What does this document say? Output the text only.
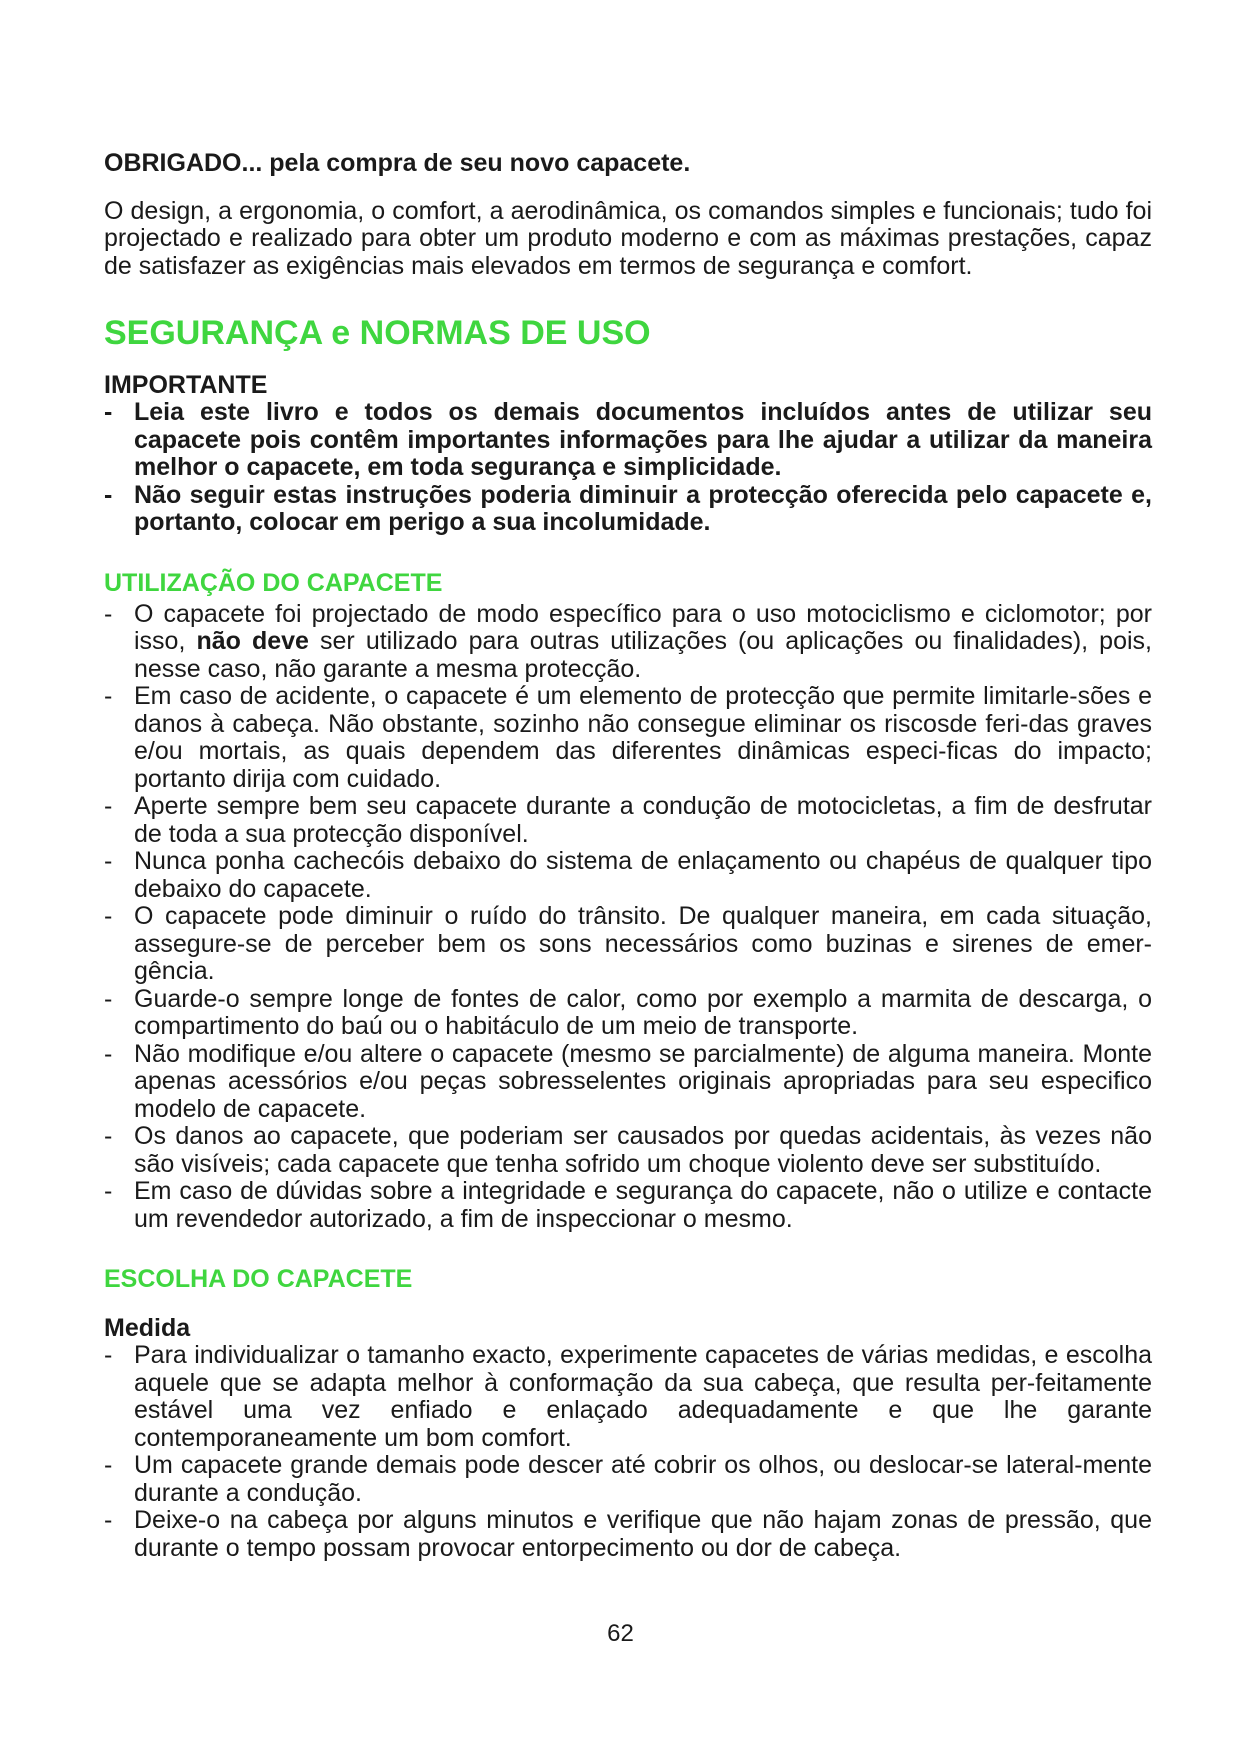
OBRIGADO... pela compra de seu novo capacete.

O design, a ergonomia, o comfort, a aerodinâmica, os comandos simples e funcionais; tudo foi projectado e realizado para obter um produto moderno e com as máximas prestações, capaz de satisfazer as exigências mais elevados em termos de segurança e comfort.

SEGURANÇA e NORMAS DE USO
IMPORTANTE
- Leia este livro e todos os demais documentos incluídos antes de utilizar seu capacete pois contêm importantes informações para lhe ajudar a utilizar da maneira melhor o capacete, em toda segurança e simplicidade.
- Não seguir estas instruções poderia diminuir a protecção oferecida pelo capacete e, portanto, colocar em perigo a sua incolumidade.
UTILIZAÇÃO DO CAPACETE
- O capacete foi projectado de modo específico para o uso motociclismo e ciclomotor; por isso, não deve ser utilizado para outras utilizações (ou aplicações ou finalidades), pois, nesse caso, não garante a mesma protecção.
- Em caso de acidente, o capacete é um elemento de protecção que permite limitarle-sões e danos à cabeça. Não obstante, sozinho não consegue eliminar os riscosde feri-das graves e/ou mortais, as quais dependem das diferentes dinâmicas especi-ficas do impacto; portanto dirija com cuidado.
- Aperte sempre bem seu capacete durante a condução de motocicletas, a fim de desfrutar de toda a sua protecção disponível.
- Nunca ponha cachecóis debaixo do sistema de enlaçamento ou chapéus de qualquer tipo debaixo do capacete.
- O capacete pode diminuir o ruído do trânsito. De qualquer maneira, em cada situação, assegure-se de perceber bem os sons necessários como buzinas e sirenes de emer-gência.
- Guarde-o sempre longe de fontes de calor, como por exemplo a marmita de descarga, o compartimento do baú ou o habitáculo de um meio de transporte.
- Não modifique e/ou altere o capacete (mesmo se parcialmente) de alguma maneira. Monte apenas acessórios e/ou peças sobresselentes originais apropriadas para seu especifico modelo de capacete.
- Os danos ao capacete, que poderiam ser causados por quedas acidentais, às vezes não são visíveis; cada capacete que tenha sofrido um choque violento deve ser substituído.
- Em caso de dúvidas sobre a integridade e segurança do capacete, não o utilize e contacte um revendedor autorizado, a fim de inspeccionar o mesmo.
ESCOLHA DO CAPACETE
Medida
- Para individualizar o tamanho exacto, experimente capacetes de várias medidas, e escolha aquele que se adapta melhor à conformação da sua cabeça, que resulta per-feitamente estável uma vez enfiado e enlaçado adequadamente e que lhe garante contemporaneamente um bom comfort.
- Um capacete grande demais pode descer até cobrir os olhos, ou deslocar-se lateral-mente durante a condução.
- Deixe-o na cabeça por alguns minutos e verifique que não hajam zonas de pressão, que durante o tempo possam provocar entorpecimento ou dor de cabeça.
62
